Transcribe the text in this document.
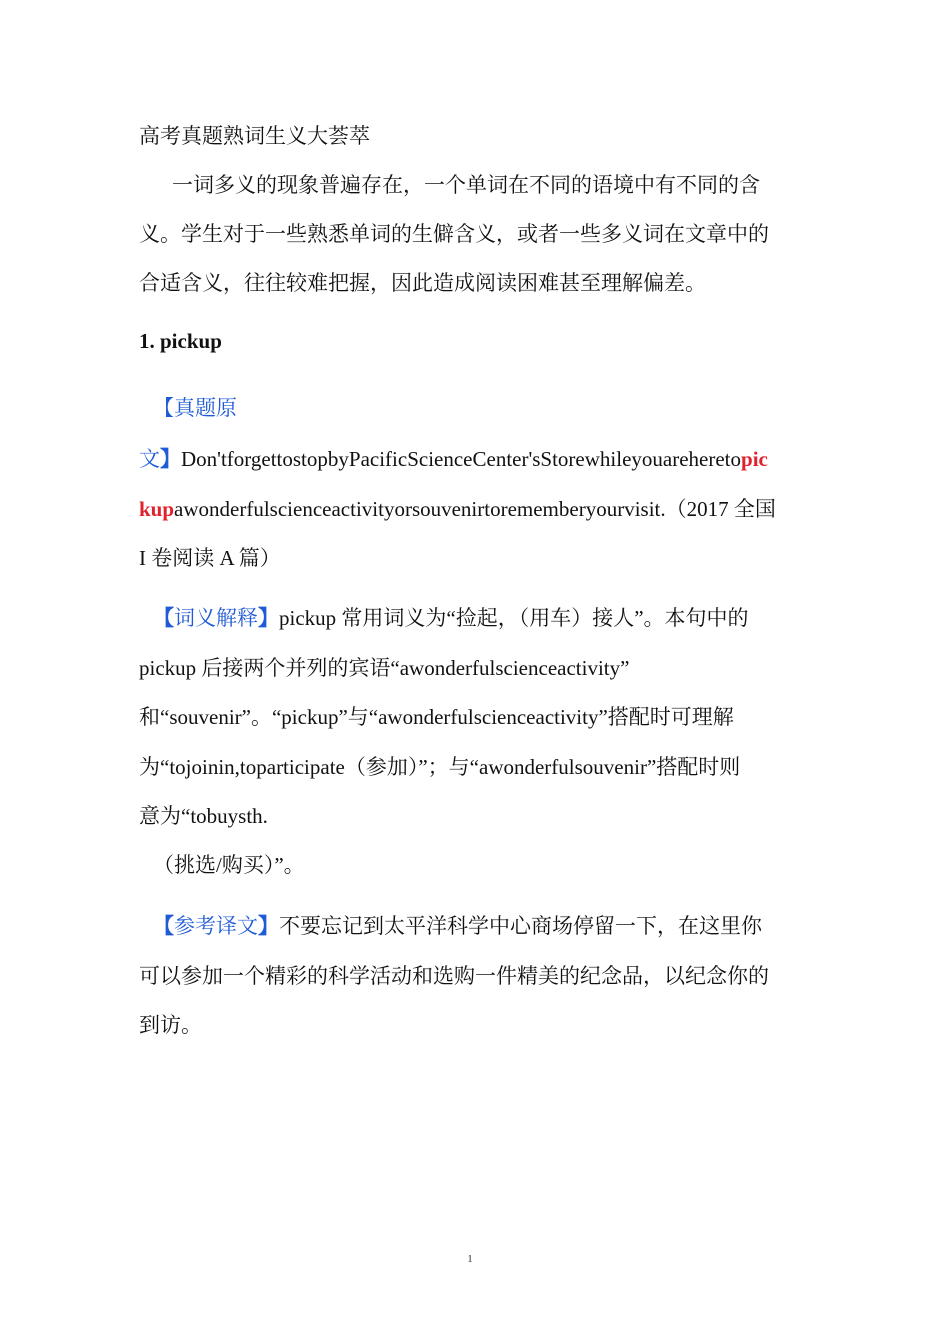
高考真题熟词生义大荟萃
一词多义的现象普遍存在，一个单词在不同的语境中有不同的含
义。学生对于一些熟悉单词的生僻含义，或者一些多义词在文章中的
合适含义，往往较难把握，因此造成阅读困难甚至理解偏差。
1. pickup
【真题原
文】Don'tforgettostopbyPacificScienceCenter'sStorewhileyouareheretopic
kupawonderfulscienceactivityorsouvenirtorememberyourvisit.（2017 全国
I 卷阅读 A 篇）
【词义解释】pickup 常用词义为“捡起，（用车）接人”。本句中的
pickup 后接两个并列的宾语“awonderfulscienceactivity”
和“souvenir”。“pickup”与“awonderfulscienceactivity”搭配时可理解
为“tojoinin,toparticipate（参加）”；与“awonderfulsouvenir”搭配时则
意为“tobuysth.
（挑选/购买）”。
【参考译文】不要忘记到太平洋科学中心商场停留一下，在这里你
可以参加一个精彩的科学活动和选购一件精美的纪念品，以纪念你的
到访。
1
